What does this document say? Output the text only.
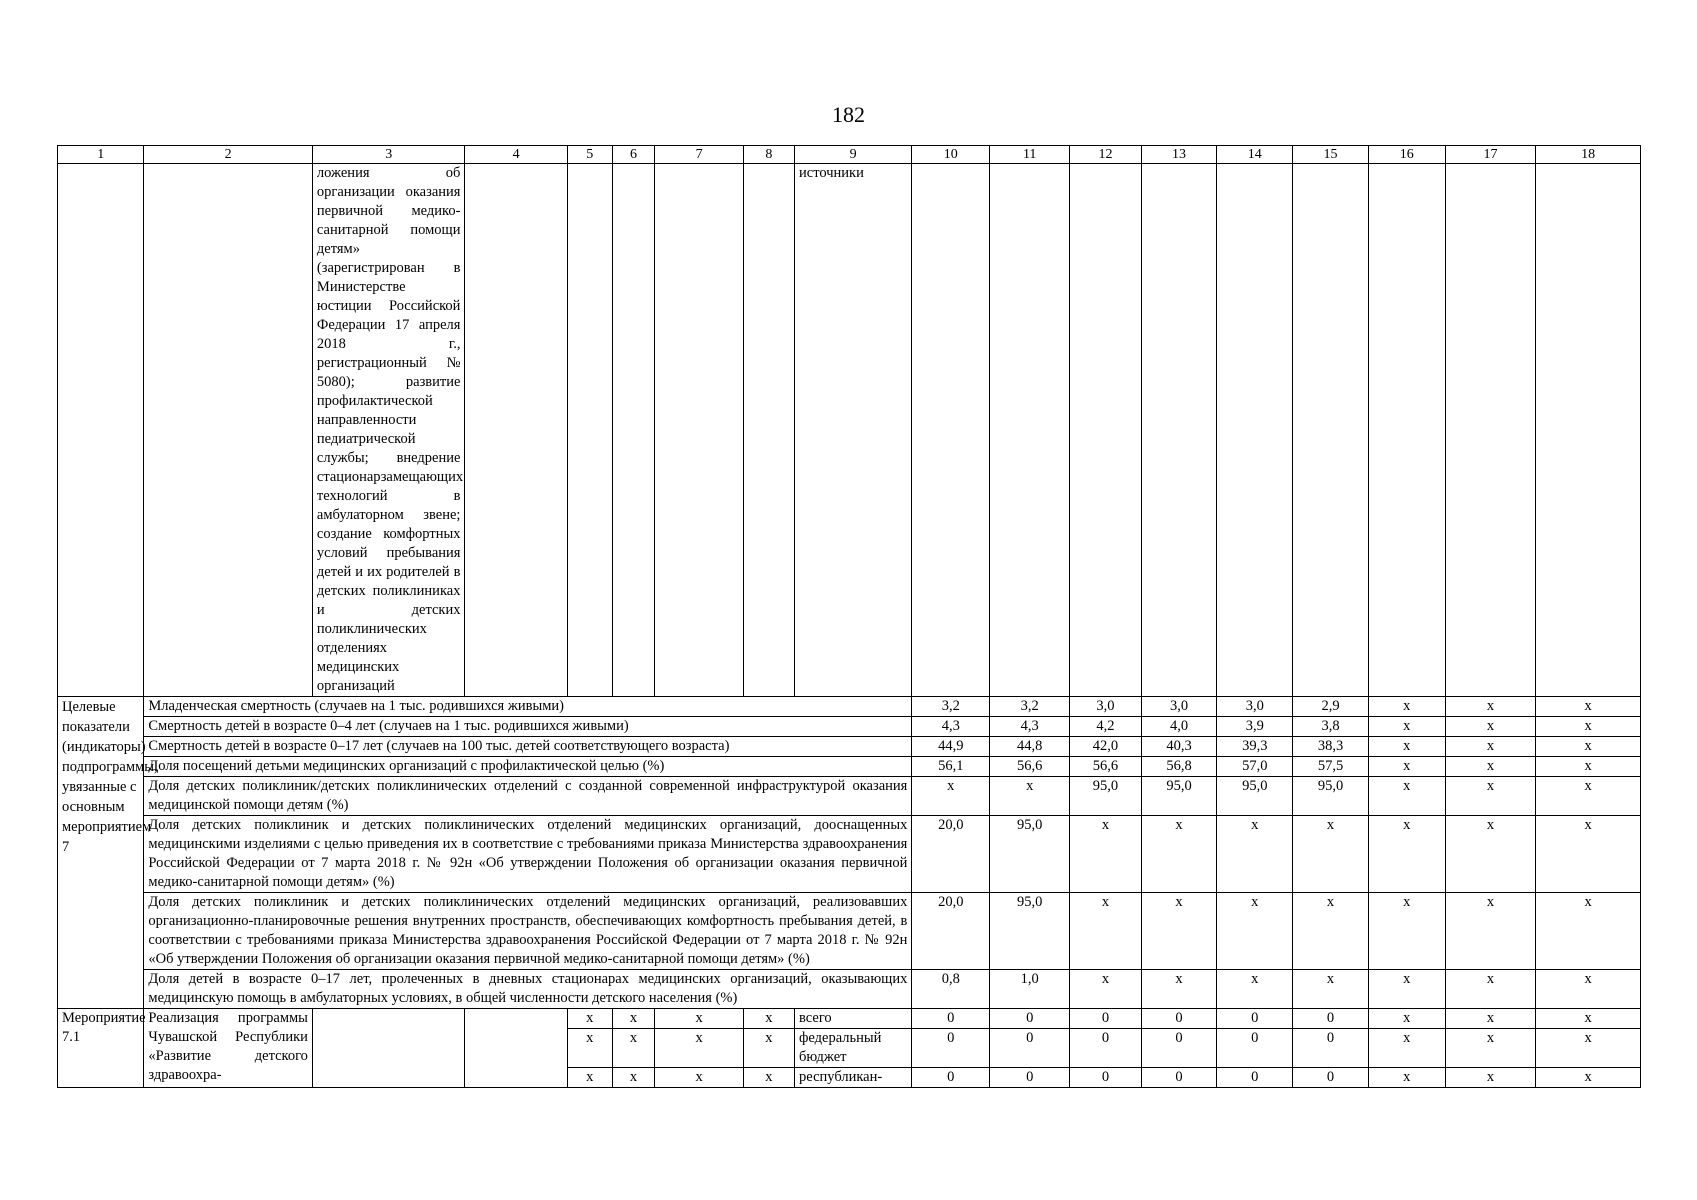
182
1	2	3	4	5	6	7	8	9	10	11	12	13	14	15	16	17	18
		ложения об организации оказания первичной медико-санитарной помощи детям» (зарегистрирован в Министерстве юстиции Российской Федерации 17 апреля 2018 г., регистрационный № 5080); развитие профилактической направленности педиатрической службы; внедрение стационарзамещающих технологий в амбулаторном звене; создание комфортных условий пребывания детей и их родителей в детских поликлиниках и детских поликлинических отделениях медицинских организаций						источники									
Целевые показатели (индикаторы) подпрограммы, увязанные с основным мероприятием 7	Младенческая смертность (случаев на 1 тыс. родившихся живыми)								3,2	3,2	3,0	3,0	3,0	2,9	x	x	x
	Смертность детей в возрасте 0–4 лет (случаев на 1 тыс. родившихся живыми)								4,3	4,3	4,2	4,0	3,9	3,8	x	x	x
	Смертность детей в возрасте 0–17 лет (случаев на 100 тыс. детей соответствующего возраста)								44,9	44,8	42,0	40,3	39,3	38,3	x	x	x
	Доля посещений детьми медицинских организаций с профилактической целью (%)								56,1	56,6	56,6	56,8	57,0	57,5	x	x	x
	Доля детских поликлиник/детских поликлинических отделений с созданной современной инфраструктурой оказания медицинской помощи детям (%)								x	x	95,0	95,0	95,0	95,0	x	x	x
	Доля детских поликлиник и детских поликлинических отделений медицинских организаций, дооснащенных медицинскими изделиями с целью приведения их в соответствие с требованиями приказа Министерства здравоохранения Российской Федерации от 7 марта 2018 г. № 92н «Об утверждении Положения об организации оказания первичной медико-санитарной помощи детям» (%)								20,0	95,0	x	x	x	x	x	x	x
	Доля детских поликлиник и детских поликлинических отделений медицинских организаций, реализовавших организационно-планировочные решения внутренних пространств, обеспечивающих комфортность пребывания детей, в соответствии с требованиями приказа Министерства здравоохранения Российской Федерации от 7 марта 2018 г. № 92н «Об утверждении Положения об организации оказания первичной медико-санитарной помощи детям» (%)								20,0	95,0	x	x	x	x	x	x	x
	Доля детей в возрасте 0–17 лет, пролеченных в дневных стационарах медицинских организаций, оказывающих медицинскую помощь в амбулаторных условиях, в общей численности детского населения (%)								0,8	1,0	x	x	x	x	x	x	x
Мероприятие 7.1	Реализация программы Чувашской Республики «Развитие детского здравоохра-			x	x	x	x	всего	0	0	0	0	0	0	x	x	x
				x	x	x	x	федеральный бюджет	0	0	0	0	0	0	x	x	x
				x	x	x	x	республикан-	0	0	0	0	0	0	x	x	x
